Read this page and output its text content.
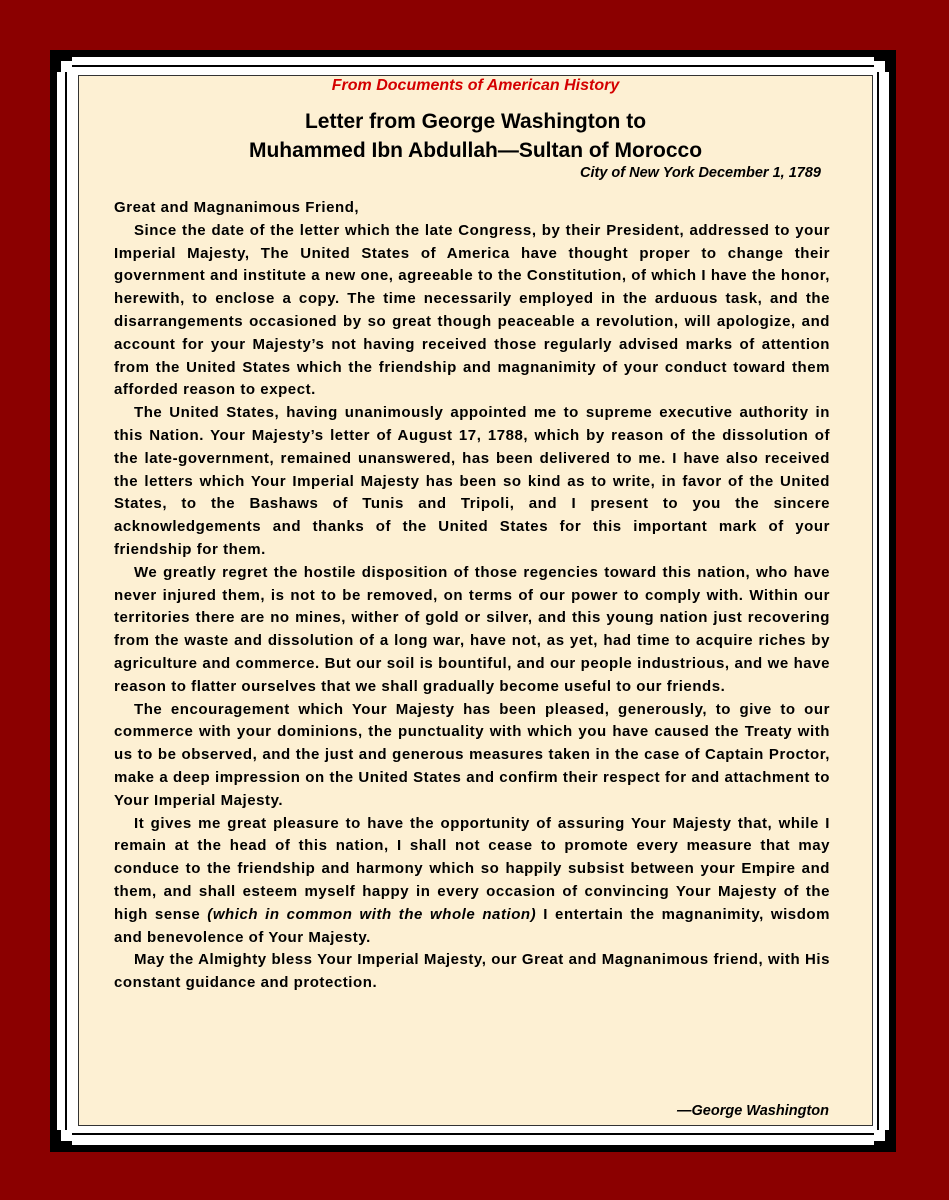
From Documents of American History
Letter from George Washington to
Muhammed Ibn Abdullah—Sultan of Morocco
City of New York December 1, 1789

Great and Magnanimous Friend,

Since the date of the letter which the late Congress, by their President, addressed to your Imperial Majesty, The United States of America have thought proper to change their government and institute a new one, agreeable to the Constitution, of which I have the honor, herewith, to enclose a copy. The time necessarily employed in the arduous task, and the disarrangements occasioned by so great though peaceable a revolution, will apologize, and account for your Majesty’s not having received those regularly advised marks of attention from the United States which the friendship and magnanimity of your conduct toward them afforded reason to expect.

The United States, having unanimously appointed me to supreme executive authority in this Nation. Your Majesty’s letter of August 17, 1788, which by reason of the dissolution of the late-government, remained unanswered, has been delivered to me. I have also received the letters which Your Imperial Majesty has been so kind as to write, in favor of the United States, to the Bashaws of Tunis and Tripoli, and I present to you the sincere acknowledgements and thanks of the United States for this important mark of your friendship for them.

We greatly regret the hostile disposition of those regencies toward this nation, who have never injured them, is not to be removed, on terms of our power to comply with. Within our territories there are no mines, wither of gold or silver, and this young nation just recovering from the waste and dissolution of a long war, have not, as yet, had time to acquire riches by agriculture and commerce. But our soil is bountiful, and our people industrious, and we have reason to flatter ourselves that we shall gradually become useful to our friends.

The encouragement which Your Majesty has been pleased, generously, to give to our commerce with your dominions, the punctuality with which you have caused the Treaty with us to be observed, and the just and generous measures taken in the case of Captain Proctor, make a deep impression on the United States and confirm their respect for and attachment to Your Imperial Majesty.

It gives me great pleasure to have the opportunity of assuring Your Majesty that, while I remain at the head of this nation, I shall not cease to promote every measure that may conduce to the friendship and harmony which so happily subsist between your Empire and them, and shall esteem myself happy in every occasion of convincing Your Majesty of the high sense (which in common with the whole nation) I entertain the magnanimity, wisdom and benevolence of Your Majesty.

May the Almighty bless Your Imperial Majesty, our Great and Magnanimous friend, with His constant guidance and protection.

—George Washington
